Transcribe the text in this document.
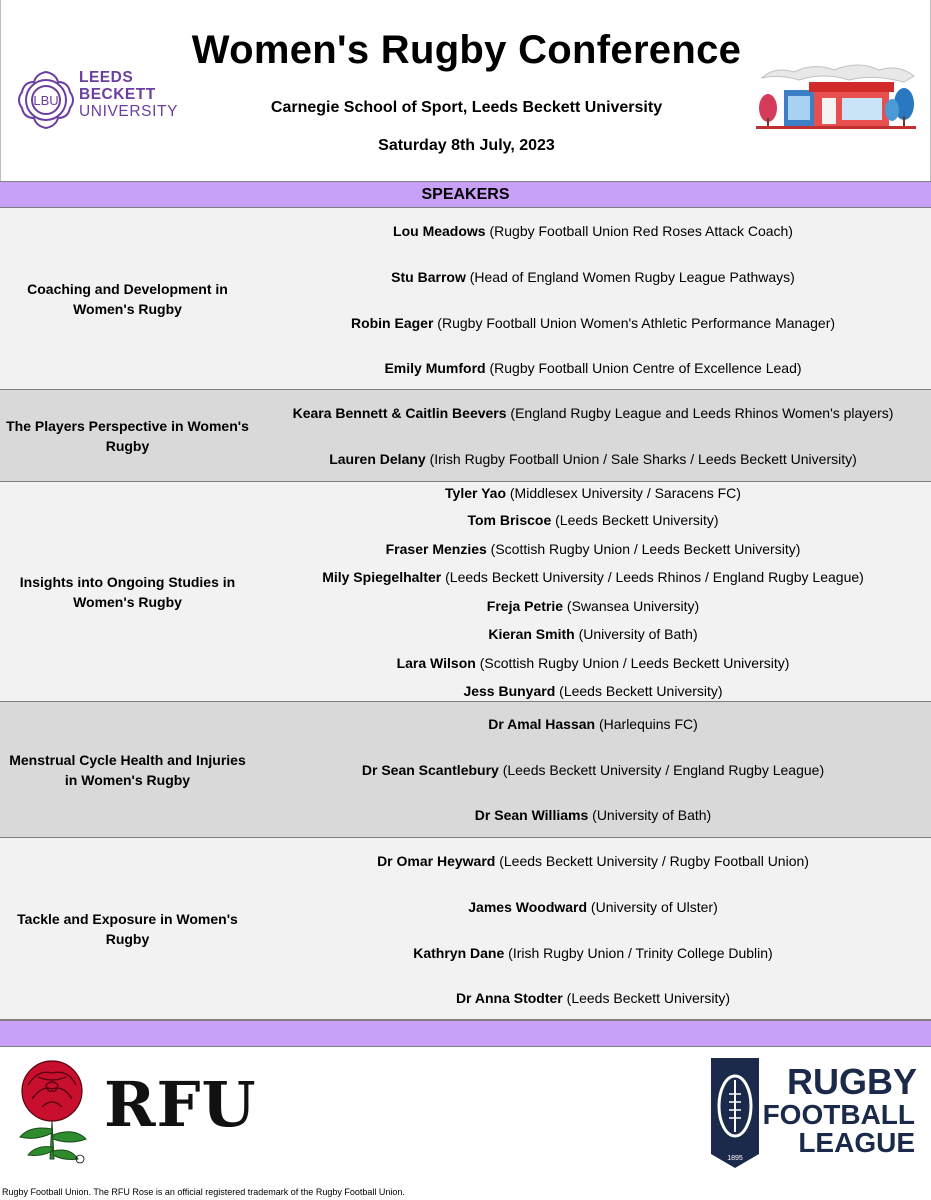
Women's Rugby Conference
Carnegie School of Sport, Leeds Beckett University
Saturday 8th July, 2023
LBU
LEEDS
BECKETT
UNIVERSITY
SPEAKERS
Coaching and Development in Women's Rugby
Lou Meadows (Rugby Football Union Red Roses Attack Coach)
Stu Barrow (Head of England Women Rugby League Pathways)
Robin Eager (Rugby Football Union Women's Athletic Performance Manager)
Emily Mumford (Rugby Football Union Centre of Excellence Lead)
The Players Perspective in Women's Rugby
Keara Bennett & Caitlin Beevers (England Rugby League and Leeds Rhinos Women's players)
Lauren Delany (Irish Rugby Football Union / Sale Sharks / Leeds Beckett University)
Insights into Ongoing Studies in Women's Rugby
Tyler Yao (Middlesex University / Saracens FC)
Tom Briscoe (Leeds Beckett University)
Fraser Menzies (Scottish Rugby Union / Leeds Beckett University)
Mily Spiegelhalter (Leeds Beckett University / Leeds Rhinos / England Rugby League)
Freja Petrie (Swansea University)
Kieran Smith (University of Bath)
Lara Wilson (Scottish Rugby Union / Leeds Beckett University)
Jess Bunyard (Leeds Beckett University)
Menstrual Cycle Health and Injuries in Women's Rugby
Dr Amal Hassan (Harlequins FC)
Dr Sean Scantlebury (Leeds Beckett University / England Rugby League)
Dr Sean Williams (University of Bath)
Tackle and Exposure in Women's Rugby
Dr Omar Heyward (Leeds Beckett University / Rugby Football Union)
James Woodward (University of Ulster)
Kathryn Dane (Irish Rugby Union / Trinity College Dublin)
Dr Anna Stodter (Leeds Beckett University)
RFU
1895
RUGBY
FOOTBALL
LEAGUE
Rugby Football Union. The RFU Rose is an official registered trademark of the Rugby Football Union.
